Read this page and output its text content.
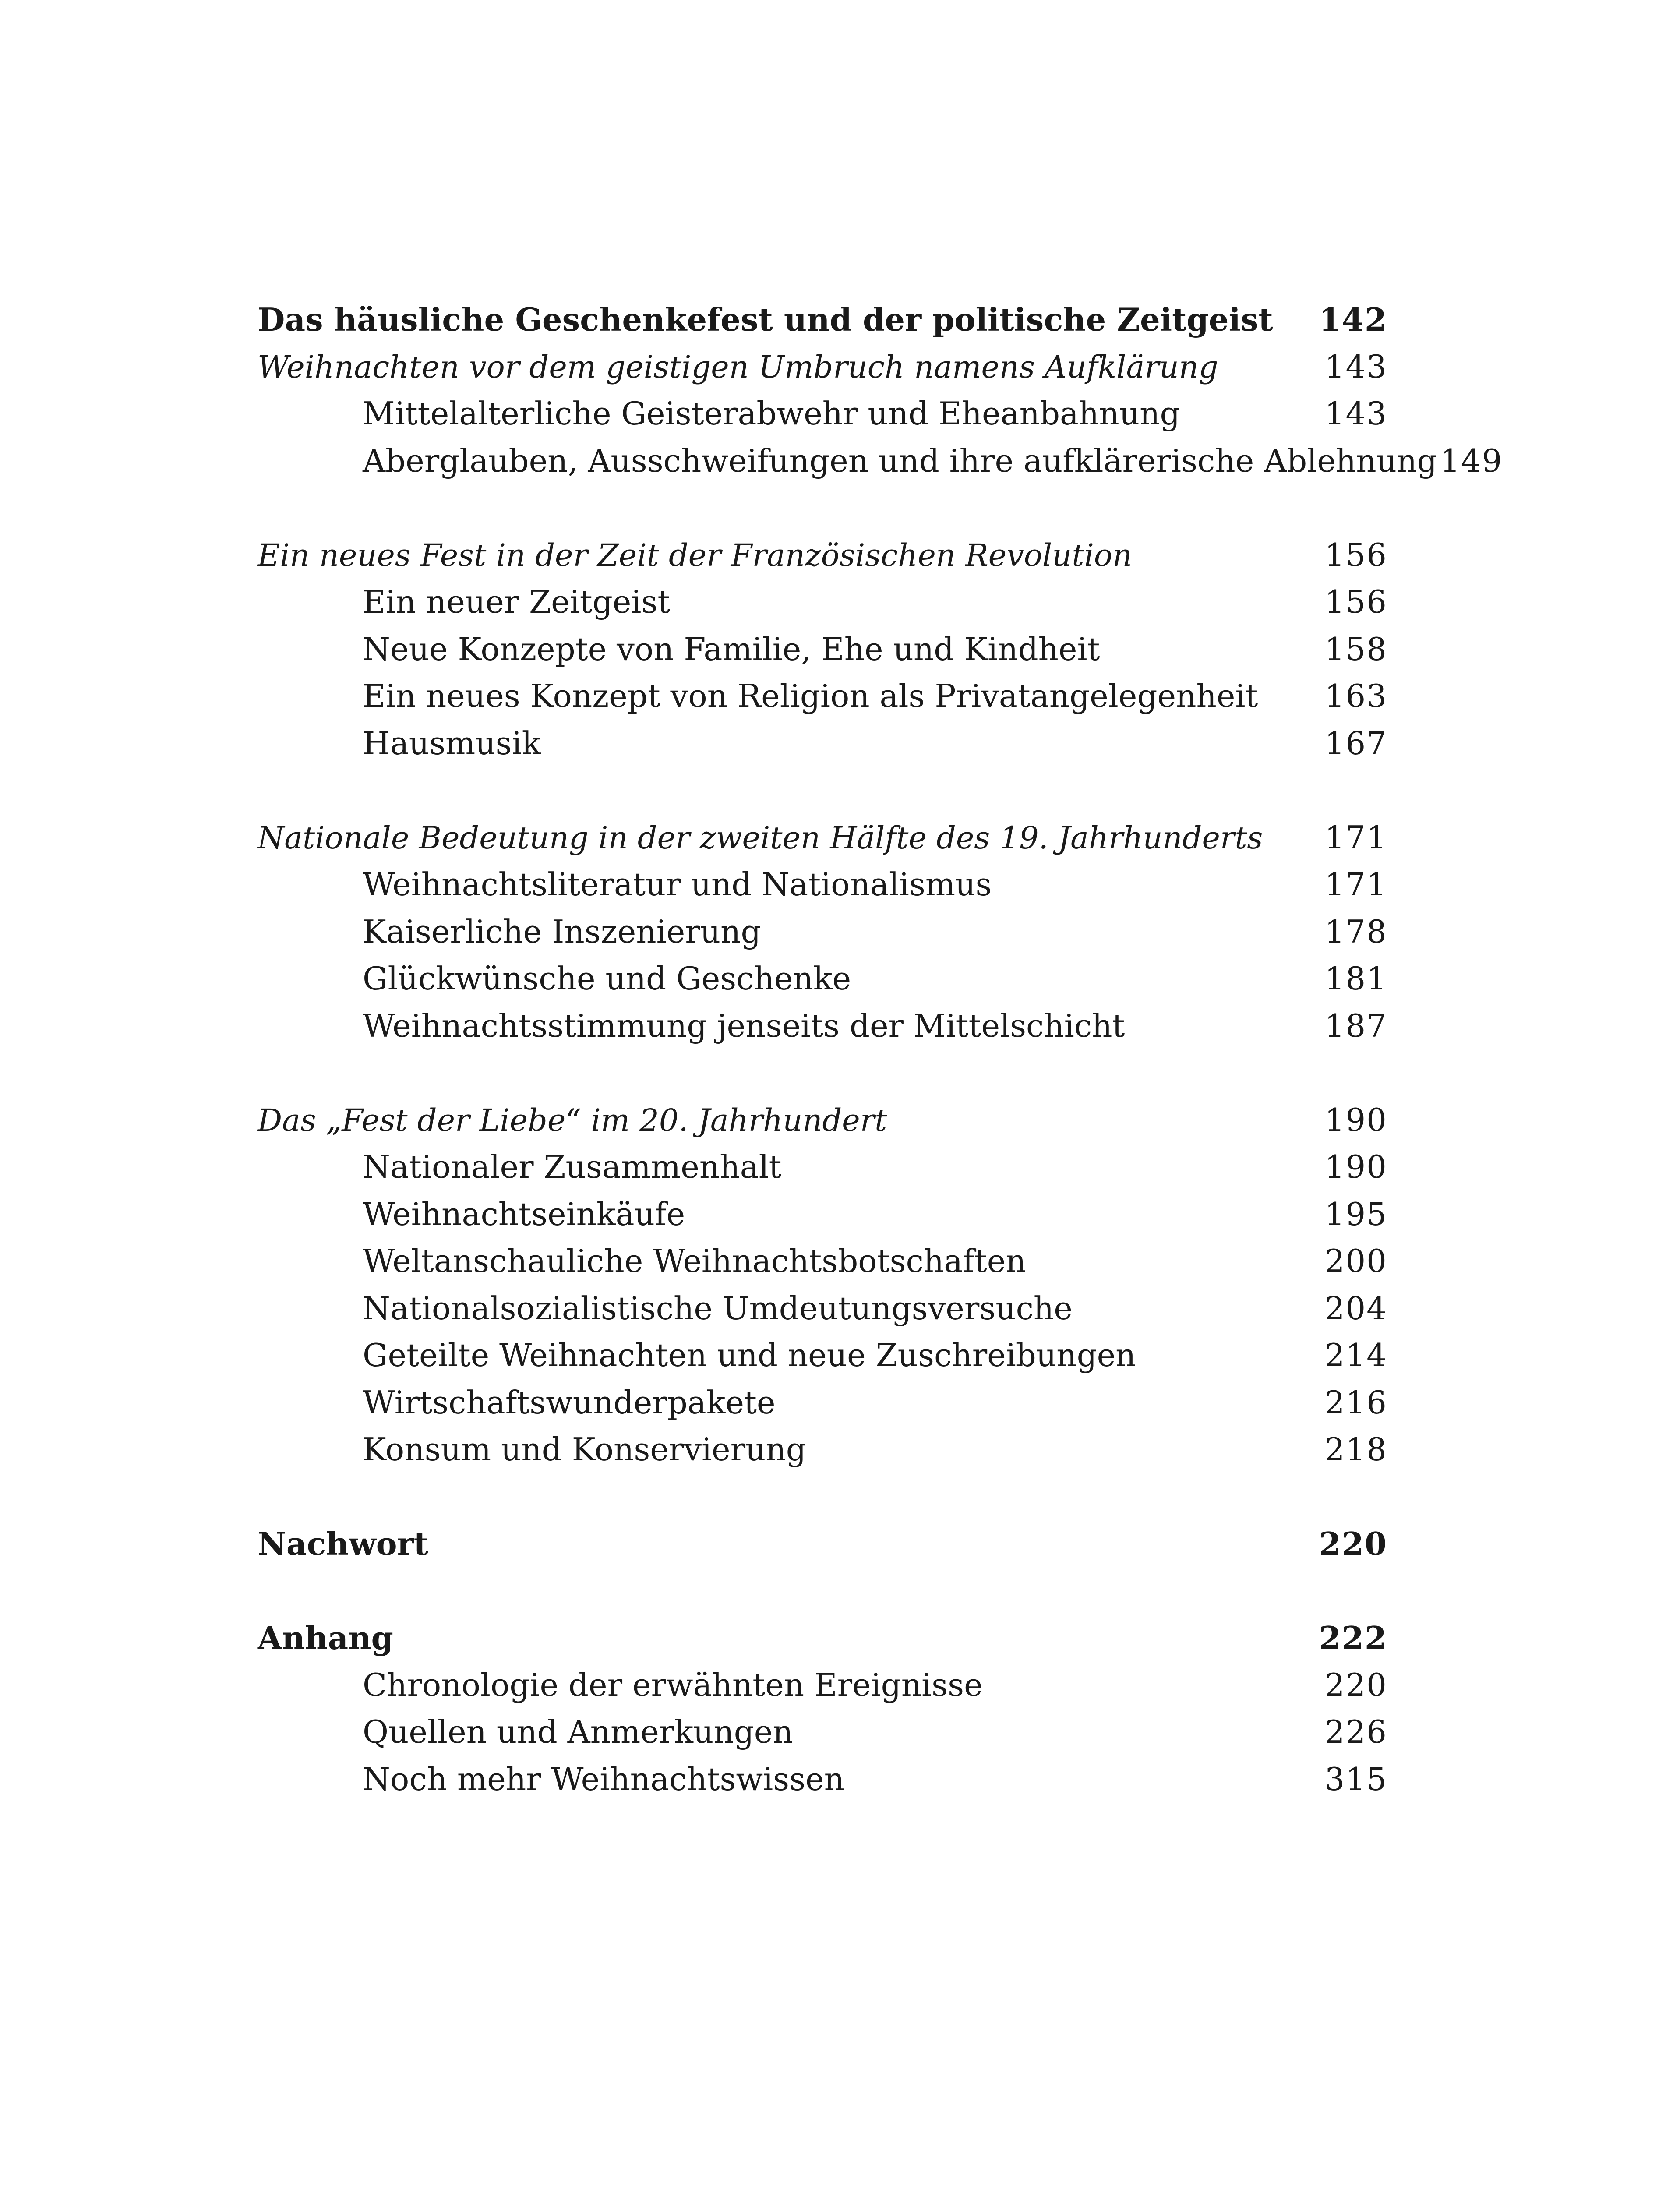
Das häusliche Geschenkefest und der politische Zeitgeist	142
Weihnachten vor dem geistigen Umbruch namens Aufklärung	143
Mittelalterliche Geisterabwehr und Eheanbahnung	143
Aberglauben, Ausschweifungen und ihre aufklärerische Ablehnung 149
Ein neues Fest in der Zeit der Französischen Revolution	156
Ein neuer Zeitgeist	156
Neue Konzepte von Familie, Ehe und Kindheit	158
Ein neues Konzept von Religion als Privatangelegenheit	163
Hausmusik	167
Nationale Bedeutung in der zweiten Hälfte des 19. Jahrhunderts	171
Weihnachtsliteratur und Nationalismus	171
Kaiserliche Inszenierung	178
Glückwünsche und Geschenke	181
Weihnachtsstimmung jenseits der Mittelschicht	187
Das „Fest der Liebe“ im 20. Jahrhundert	190
Nationaler Zusammenhalt	190
Weihnachtseinkäufe	195
Weltanschauliche Weihnachtsbotschaften	200
Nationalsozialistische Umdeutungsversuche	204
Geteilte Weihnachten und neue Zuschreibungen	214
Wirtschaftswunderpakete	216
Konsum und Konservierung	218
Nachwort	220
Anhang	222
Chronologie der erwähnten Ereignisse	220
Quellen und Anmerkungen	226
Noch mehr Weihnachtswissen	315
